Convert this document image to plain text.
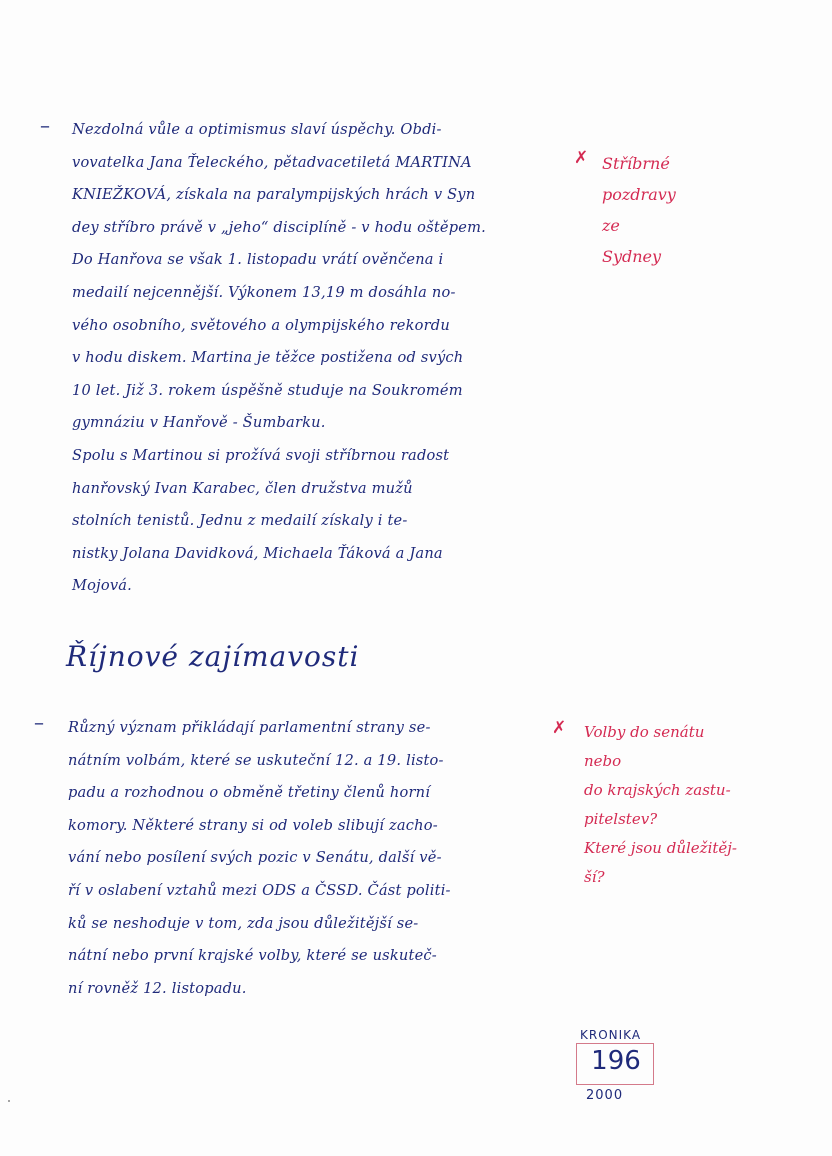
– Nezdolná vůle a optimismus slaví úspěchy. Obdi-
vovatelka Jana Ťeleckého, pětadvacetiletá MARTINA
KNIEŽKOVÁ, získala na paralympijských hrách v Syn
dey stříbro právě v „jeho“ disciplíně - v hodu oštěpem.
Do Hanřova se však 1. listopadu vrátí ověnčena i
medailí nejcennější. Výkonem 13,19 m dosáhla no-
vého osobního, světového a olympijského rekordu
v hodu diskem. Martina je těžce postižena od svých
10 let. Již 3. rokem úspěšně studuje na Soukromém
gymnáziu v Hanřově - Šumbarku.
Spolu s Martinou si prožívá svoji stříbrnou radost
hanřovský Ivan Karabec, člen družstva mužů
stolních tenistů. Jednu z medailí získaly i te-
nistky Jolana Davidková, Michaela Ťáková a Jana
Mojová.
✗ Stříbrné
pozdravy
ze
Sydney
Říjnové zajímavosti
– Různý význam přikládají parlamentní strany se-
nátním volbám, které se uskuteční 12. a 19. listo-
padu a rozhodnou o obměně třetiny členů horní
komory. Některé strany si od voleb slibují zacho-
vání nebo posílení svých pozic v Senátu, další vě-
ří v oslabení vztahů mezi ODS a ČSSD. Část politi-
ků se neshoduje v tom, zda jsou důležitější se-
nátní nebo první krajské volby, které se uskuteč-
ní rovněž 12. listopadu.
✗ Volby do senátu
nebo
do krajských zastu-
pitelstev?
Které jsou důležitěj-
ší?
KRONIKA
196
2000
